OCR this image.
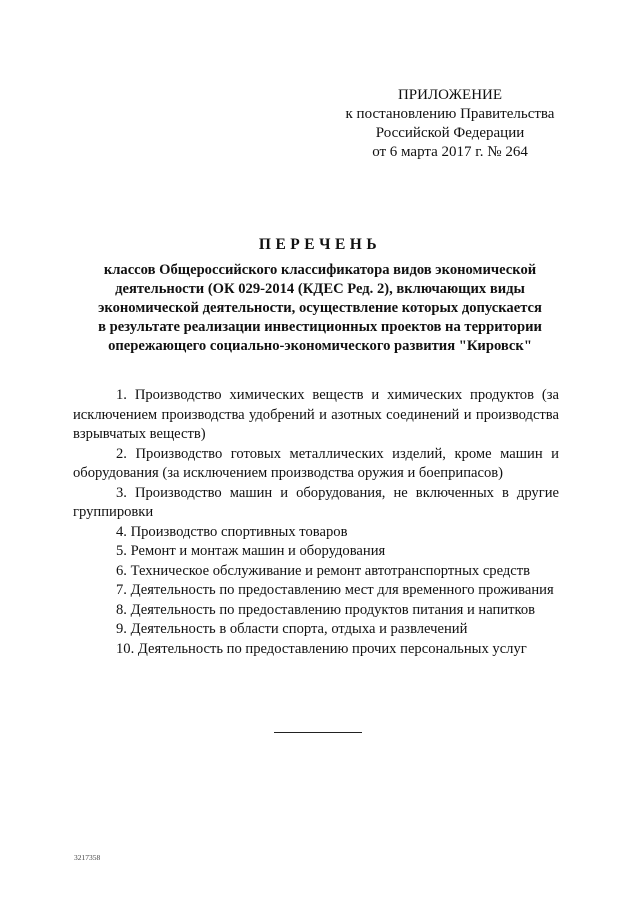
ПРИЛОЖЕНИЕ
к постановлению Правительства
Российской Федерации
от 6 марта 2017 г. № 264
ПЕРЕЧЕНЬ
классов Общероссийского классификатора видов экономической
деятельности (ОК 029-2014 (КДЕС Ред. 2), включающих виды
экономической деятельности, осуществление которых допускается
в результате реализации инвестиционных проектов на территории
опережающего социально-экономического развития "Кировск"
1. Производство химических веществ и химических продуктов (за исключением производства удобрений и азотных соединений и производства взрывчатых веществ)
2. Производство готовых металлических изделий, кроме машин и оборудования (за исключением производства оружия и боеприпасов)
3. Производство машин и оборудования, не включенных в другие группировки
4. Производство спортивных товаров
5. Ремонт и монтаж машин и оборудования
6. Техническое обслуживание и ремонт автотранспортных средств
7. Деятельность по предоставлению мест для временного проживания
8. Деятельность по предоставлению продуктов питания и напитков
9. Деятельность в области спорта, отдыха и развлечений
10. Деятельность по предоставлению прочих персональных услуг
3217358
